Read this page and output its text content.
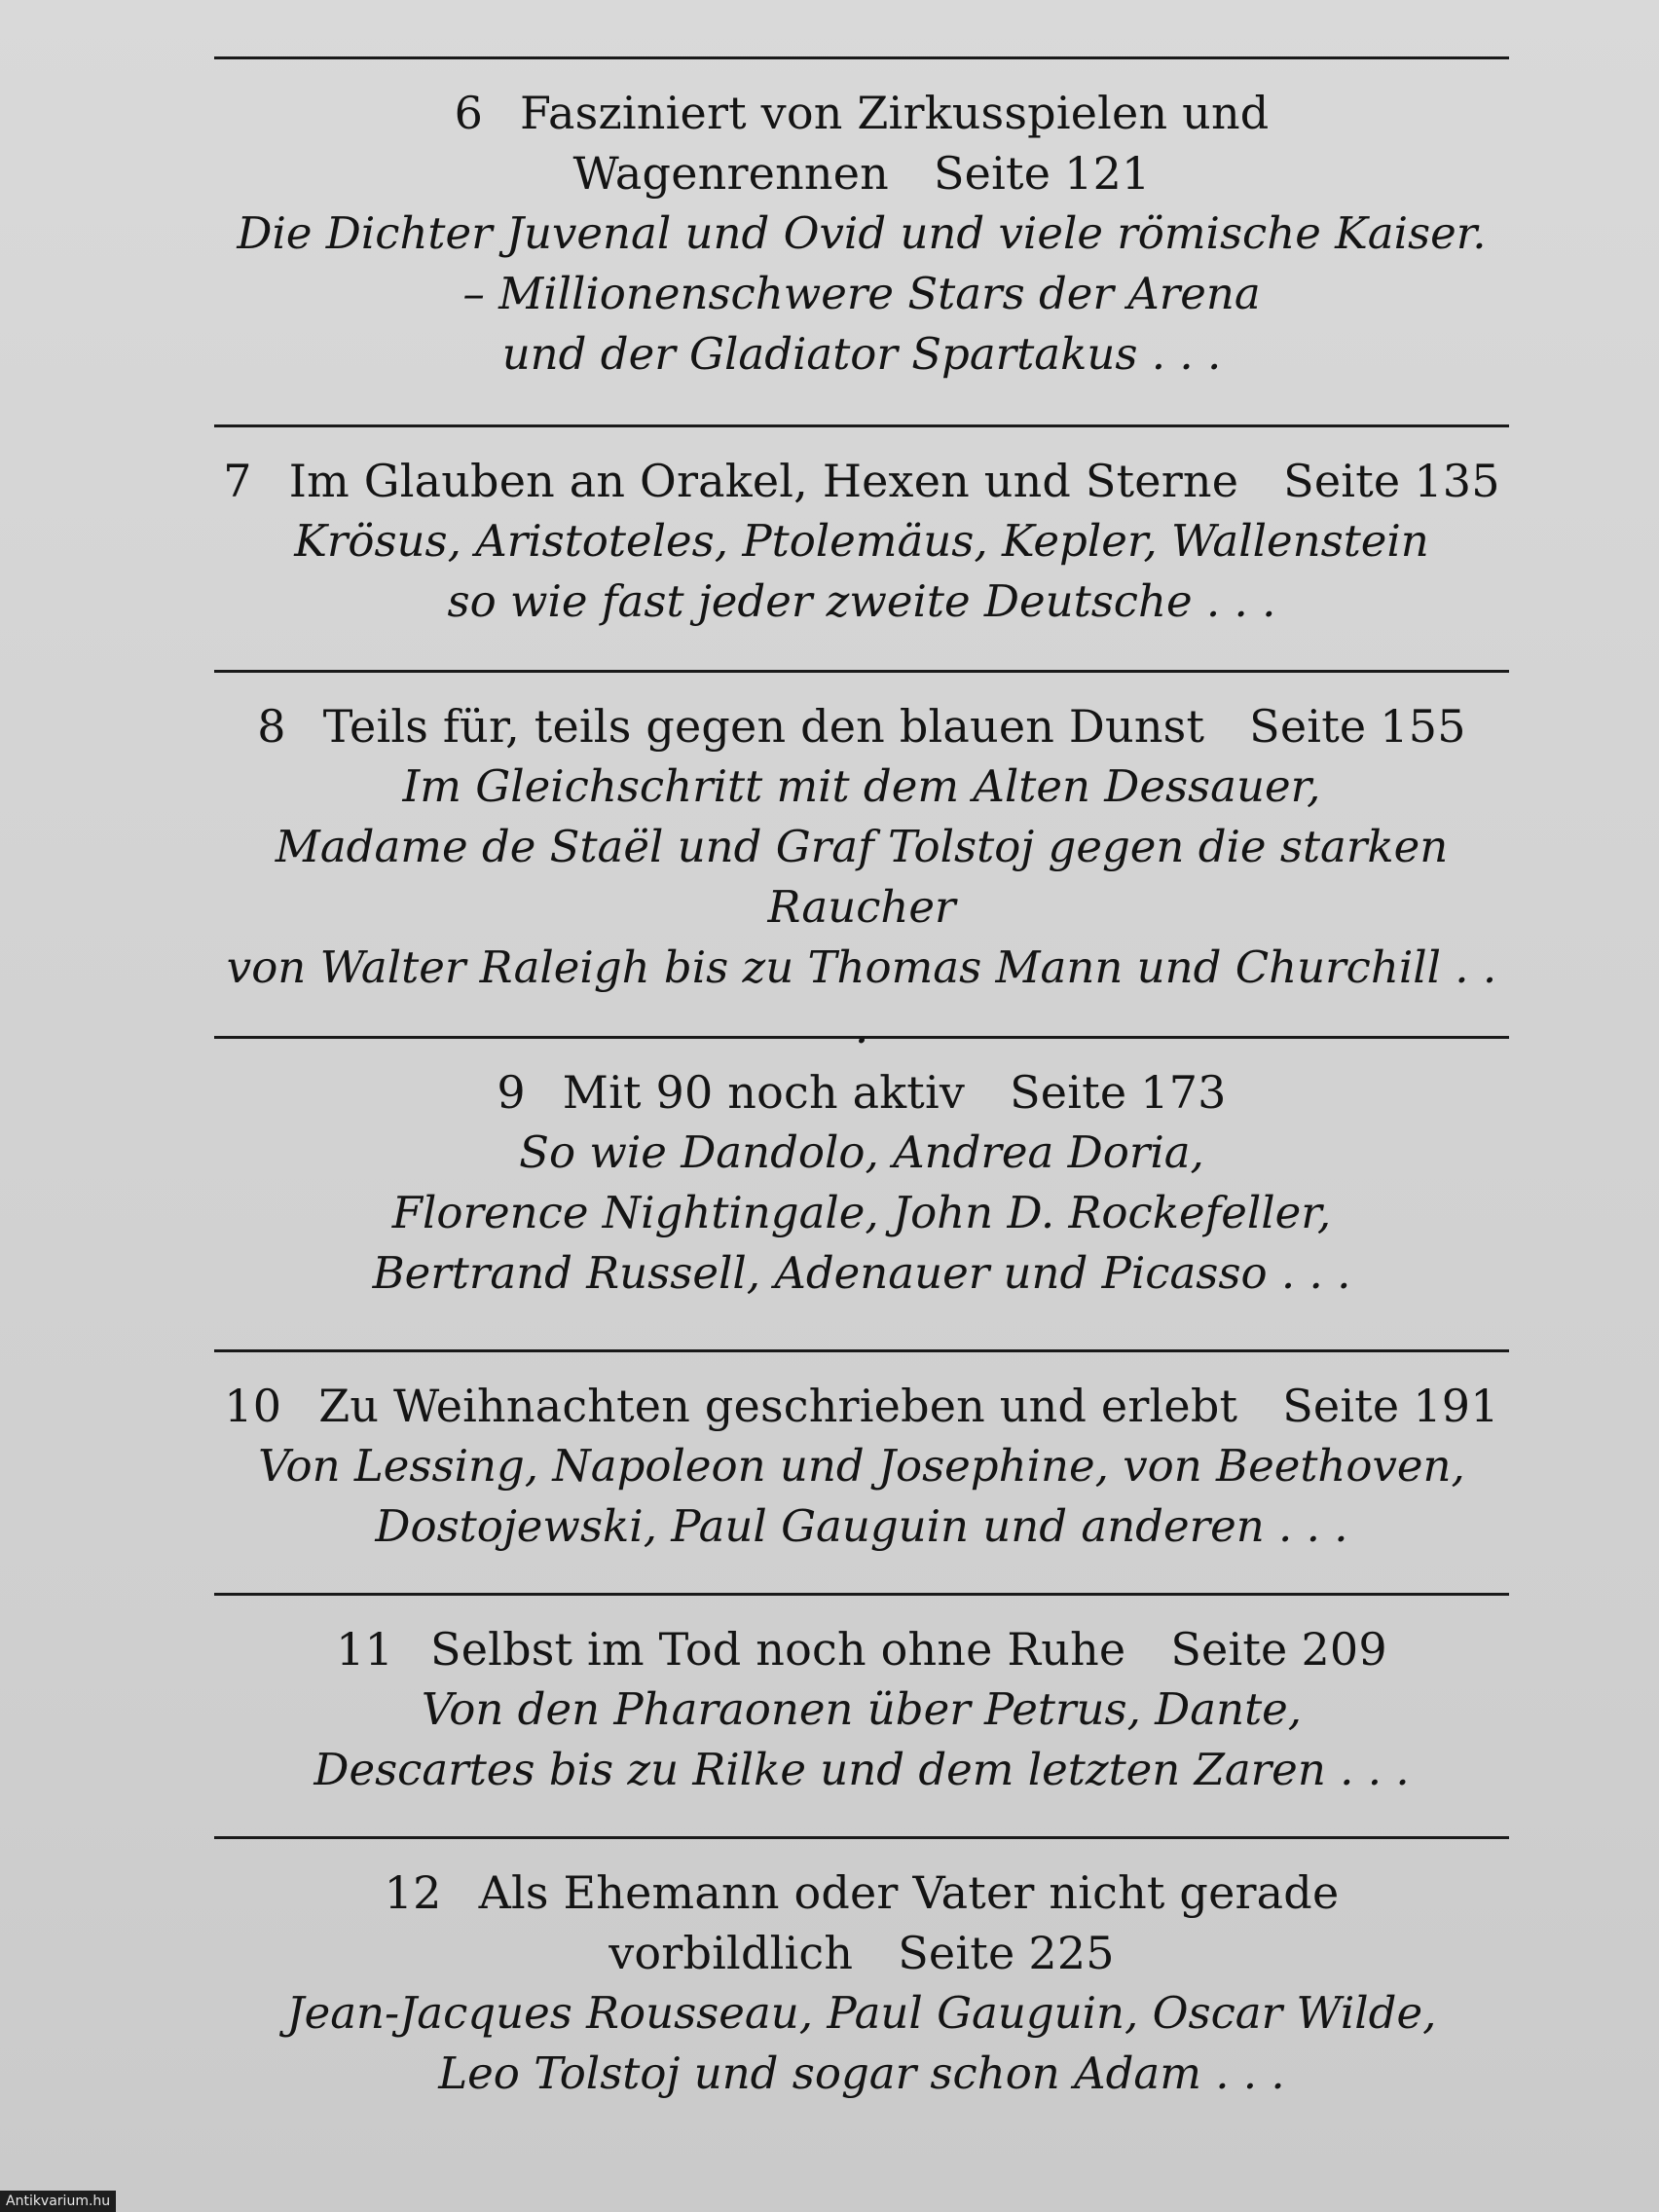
6 Fasziniert von Zirkusspielen und
Wagenrennen Seite 121
Die Dichter Juvenal und Ovid und viele römische Kaiser.
– Millionenschwere Stars der Arena
und der Gladiator Spartakus . . .
7 Im Glauben an Orakel, Hexen und Sterne Seite 135
Krösus, Aristoteles, Ptolemäus, Kepler, Wallenstein
so wie fast jeder zweite Deutsche . . .
8 Teils für, teils gegen den blauen Dunst Seite 155
Im Gleichschritt mit dem Alten Dessauer,
Madame de Staël und Graf Tolstoj gegen die starken
Raucher
von Walter Raleigh bis zu Thomas Mann und Churchill . . .
9 Mit 90 noch aktiv Seite 173
So wie Dandolo, Andrea Doria,
Florence Nightingale, John D. Rockefeller,
Bertrand Russell, Adenauer und Picasso . . .
10 Zu Weihnachten geschrieben und erlebt Seite 191
Von Lessing, Napoleon und Josephine, von Beethoven,
Dostojewski, Paul Gauguin und anderen . . .
11 Selbst im Tod noch ohne Ruhe Seite 209
Von den Pharaonen über Petrus, Dante,
Descartes bis zu Rilke und dem letzten Zaren . . .
12 Als Ehemann oder Vater nicht gerade
vorbildlich Seite 225
Jean-Jacques Rousseau, Paul Gauguin, Oscar Wilde,
Leo Tolstoj und sogar schon Adam . . .
Antikvarium.hu
